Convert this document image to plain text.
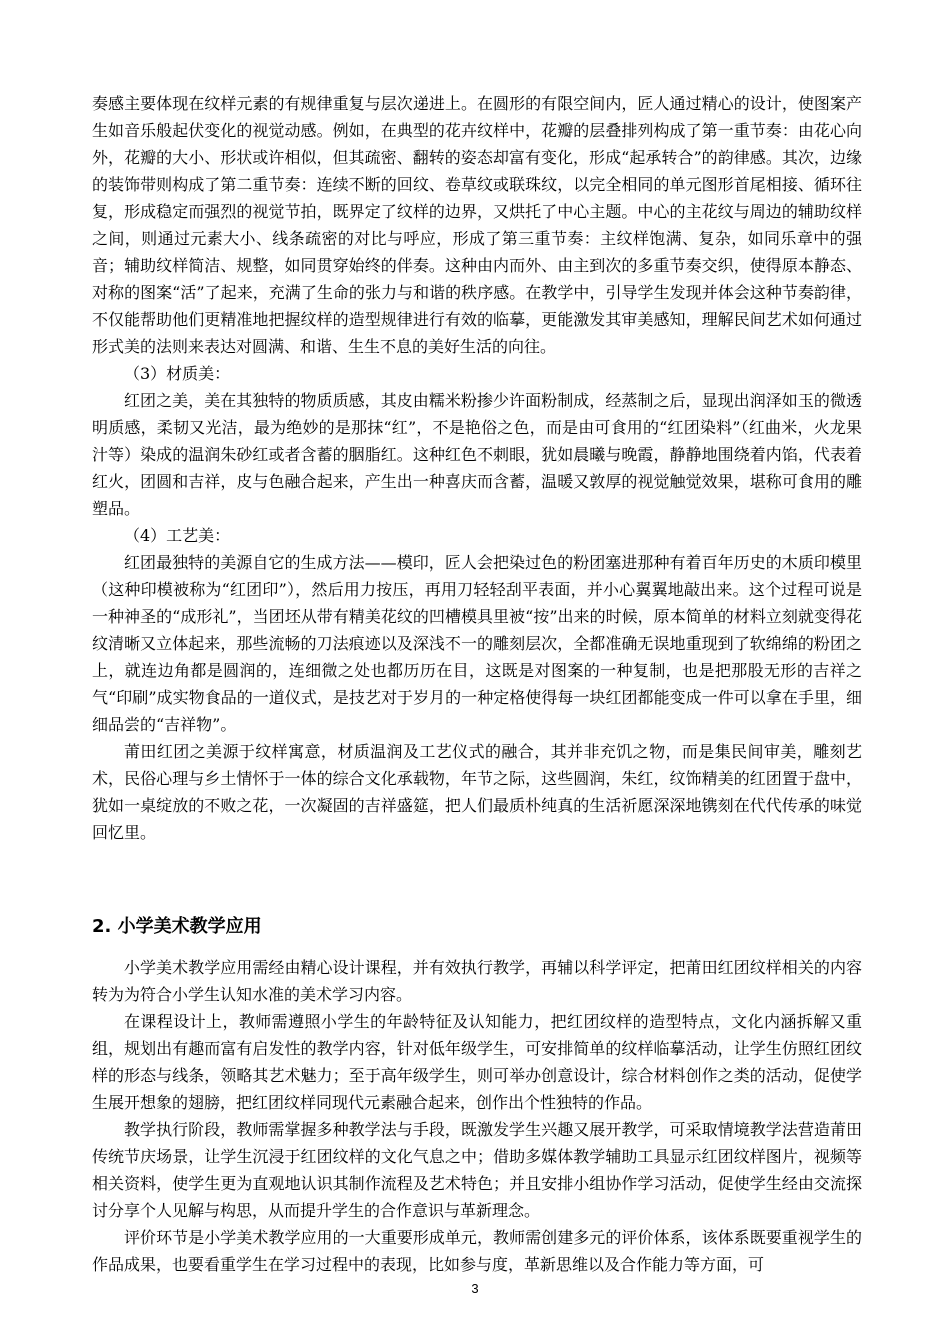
奏感主要体现在纹样元素的有规律重复与层次递进上。在圆形的有限空间内，匠人通过精心的设计，使图案产生如音乐般起伏变化的视觉动感。例如，在典型的花卉纹样中，花瓣的层叠排列构成了第一重节奏：由花心向外，花瓣的大小、形状或许相似，但其疏密、翻转的姿态却富有变化，形成“起承转合”的韵律感。其次，边缘的装饰带则构成了第二重节奏：连续不断的回纹、卷草纹或联珠纹，以完全相同的单元图形首尾相接、循环往复，形成稳定而强烈的视觉节拍，既界定了纹样的边界，又烘托了中心主题。中心的主花纹与周边的辅助纹样之间，则通过元素大小、线条疏密的对比与呼应，形成了第三重节奏：主纹样饱满、复杂，如同乐章中的强音；辅助纹样简洁、规整，如同贯穿始终的伴奏。这种由内而外、由主到次的多重节奏交织，使得原本静态、对称的图案“活”了起来，充满了生命的张力与和谐的秩序感。在教学中，引导学生发现并体会这种节奏韵律，不仅能帮助他们更精准地把握纹样的造型规律进行有效的临摹，更能激发其审美感知，理解民间艺术如何通过形式美的法则来表达对圆满、和谐、生生不息的美好生活的向往。

（3）材质美：

红团之美，美在其独特的物质质感，其皮由糯米粉掺少许面粉制成，经蒸制之后，显现出润泽如玉的微透明质感，柔韧又光洁，最为绝妙的是那抹“红”，不是艳俗之色，而是由可食用的“红团染料”（红曲米，火龙果汁等）染成的温润朱砂红或者含蓄的胭脂红。这种红色不刺眼，犹如晨曦与晚霞，静静地围绕着内馅，代表着红火，团圆和吉祥，皮与色融合起来，产生出一种喜庆而含蓄，温暖又敦厚的视觉触觉效果，堪称可食用的雕塑品。

（4）工艺美：

红团最独特的美源自它的生成方法——模印，匠人会把染过色的粉团塞进那种有着百年历史的木质印模里（这种印模被称为“红团印”），然后用力按压，再用刀轻轻刮平表面，并小心翼翼地敲出来。这个过程可说是一种神圣的“成形礼”，当团坯从带有精美花纹的凹槽模具里被“按”出来的时候，原本简单的材料立刻就变得花纹清晰又立体起来，那些流畅的刀法痕迹以及深浅不一的雕刻层次，全都准确无误地重现到了软绵绵的粉团之上，就连边角都是圆润的，连细微之处也都历历在目，这既是对图案的一种复制，也是把那股无形的吉祥之气“印刷”成实物食品的一道仪式，是技艺对于岁月的一种定格使得每一块红团都能变成一件可以拿在手里，细细品尝的“吉祥物”。

莆田红团之美源于纹样寓意，材质温润及工艺仪式的融合，其并非充饥之物，而是集民间审美，雕刻艺术，民俗心理与乡土情怀于一体的综合文化承载物，年节之际，这些圆润，朱红，纹饰精美的红团置于盘中，犹如一桌绽放的不败之花，一次凝固的吉祥盛筵，把人们最质朴纯真的生活祈愿深深地镌刻在代代传承的味觉回忆里。

2. 小学美术教学应用

小学美术教学应用需经由精心设计课程，并有效执行教学，再辅以科学评定，把莆田红团纹样相关的内容转为为符合小学生认知水准的美术学习内容。

在课程设计上，教师需遵照小学生的年龄特征及认知能力，把红团纹样的造型特点，文化内涵拆解又重组，规划出有趣而富有启发性的教学内容，针对低年级学生，可安排简单的纹样临摹活动，让学生仿照红团纹样的形态与线条，领略其艺术魅力；至于高年级学生，则可举办创意设计，综合材料创作之类的活动，促使学生展开想象的翅膀，把红团纹样同现代元素融合起来，创作出个性独特的作品。

教学执行阶段，教师需掌握多种教学法与手段，既激发学生兴趣又展开教学，可采取情境教学法营造莆田传统节庆场景，让学生沉浸于红团纹样的文化气息之中；借助多媒体教学辅助工具显示红团纹样图片，视频等相关资料，使学生更为直观地认识其制作流程及艺术特色；并且安排小组协作学习活动，促使学生经由交流探讨分享个人见解与构思，从而提升学生的合作意识与革新理念。

评价环节是小学美术教学应用的一大重要形成单元，教师需创建多元的评价体系，该体系既要重视学生的作品成果，也要看重学生在学习过程中的表现，比如参与度，革新思维以及合作能力等方面，可

3
